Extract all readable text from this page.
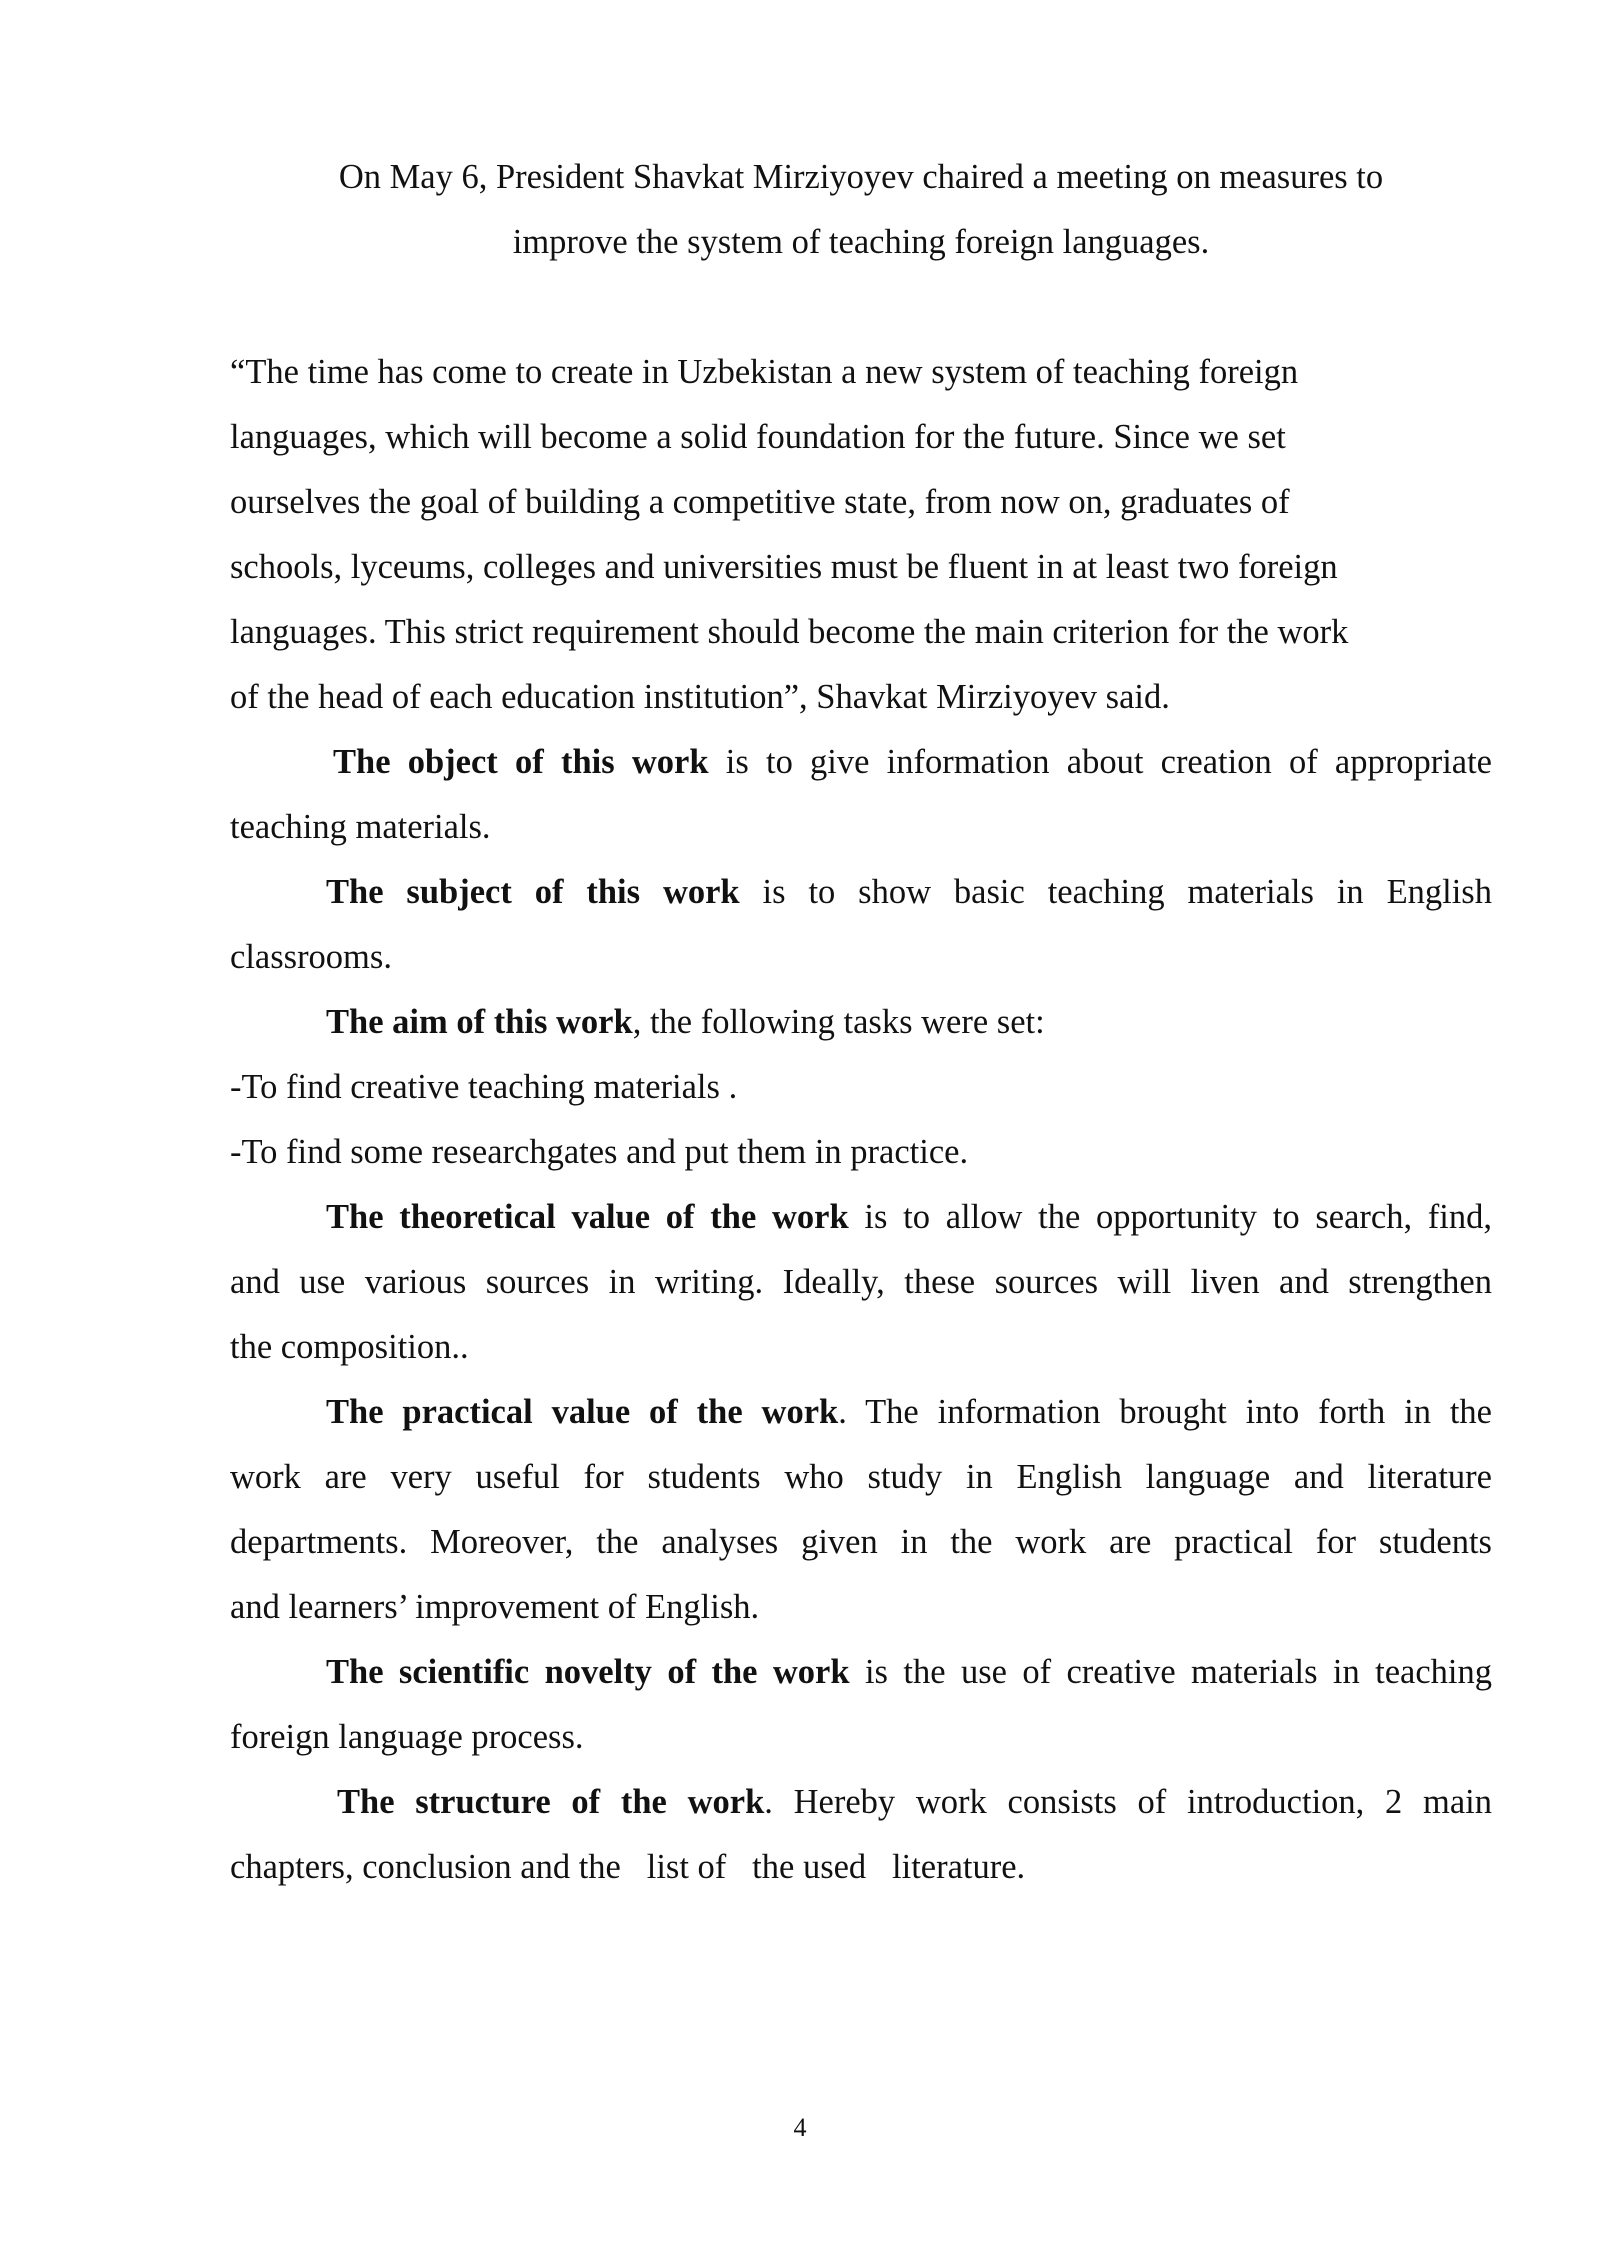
On May 6, President Shavkat Mirziyoyev chaired a meeting on measures to
improve the system of teaching foreign languages.
“The time has come to create in Uzbekistan a new system of teaching foreign
languages, which will become a solid foundation for the future. Since we set
ourselves the goal of building a competitive state, from now on, graduates of
schools, lyceums, colleges and universities must be fluent in at least two foreign
languages. This strict requirement should become the main criterion for the work
of the head of each education institution”, Shavkat Mirziyoyev said.
The object of this work is to give information about creation of appropriate
teaching materials.
The subject of this work is to show basic teaching materials in English
classrooms.
The aim of this work, the following tasks were set:
-To find creative teaching materials .
-To find some researchgates and put them in practice.
The theoretical value of the work is to allow the opportunity to search, find,
and use various sources in writing. Ideally, these sources will liven and strengthen
the composition..
The practical value of the work. The information brought into forth in the
work are very useful for students who study in English language and literature
departments. Moreover, the analyses given in the work are practical for students
and learners’ improvement of English.
The scientific novelty of the work is the use of creative materials in teaching
foreign language process.
The structure of the work. Hereby work consists of introduction, 2 main
chapters, conclusion and the   list of   the used   literature.
4
